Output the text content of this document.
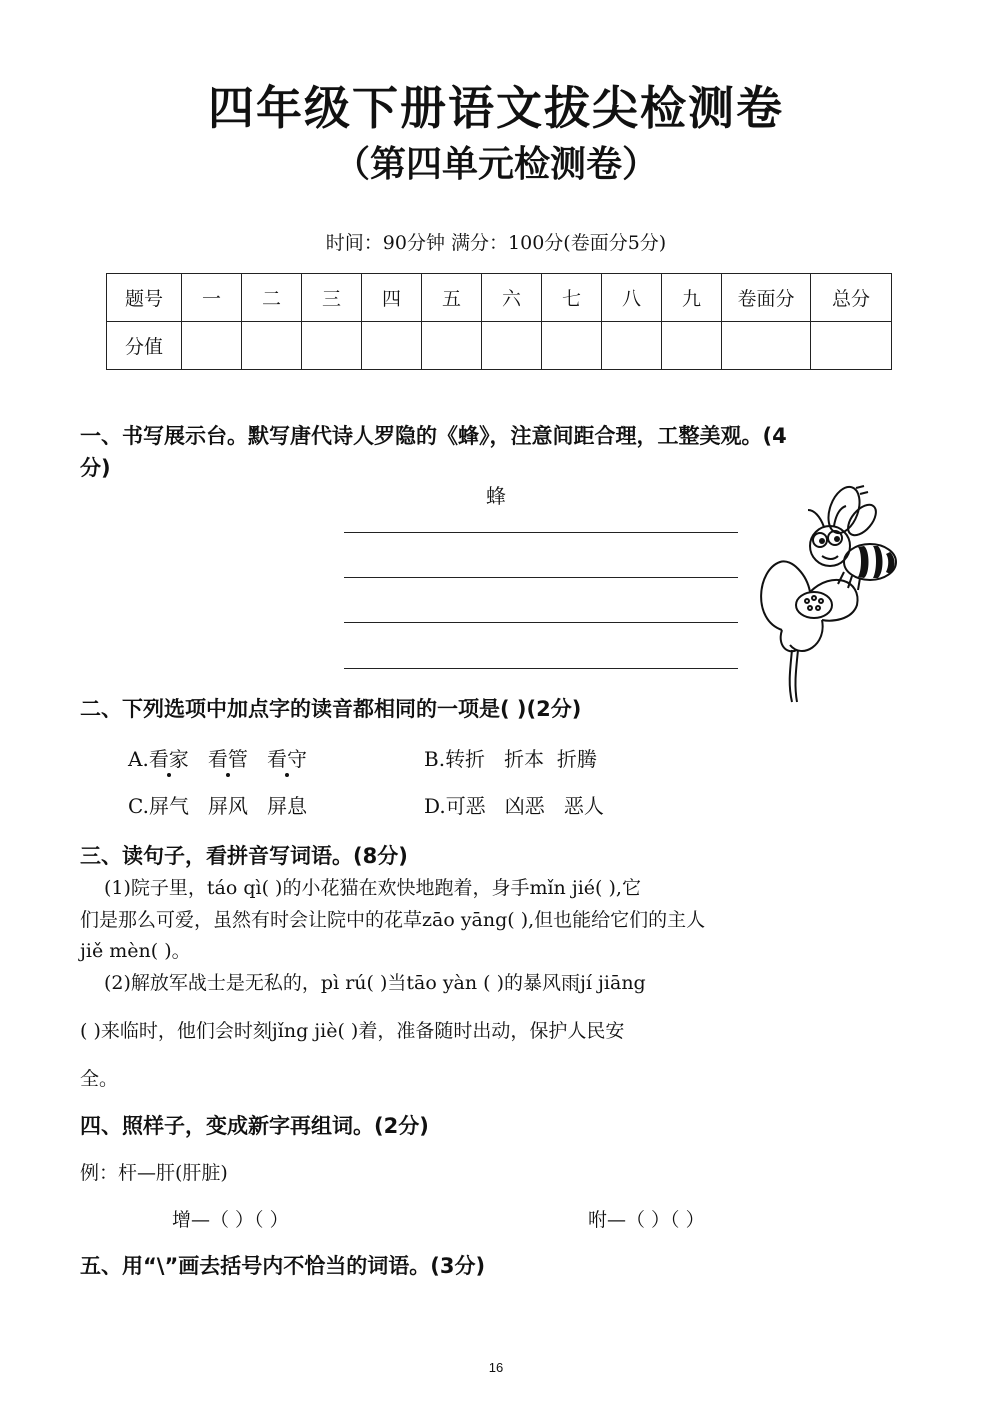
四年级下册语文拔尖检测卷
（第四单元检测卷）
时间：90分钟 满分：100分(卷面分5分)
题号	一	二	三	四	五	六	七	八	九	卷面分	总分
分值											
一、书写展示台。默写唐代诗人罗隐的《蜂》，注意间距合理，工整美观。(4
分)
蜂
二、下列选项中加点字的读音都相同的一项是( )(2分)
A.看家 看管 看守	B.转折 折本 折腾
C.屏气 屏风 屏息	D.可恶 凶恶 恶人
三、读句子，看拼音写词语。(8分)
(1)院子里，táo qì( )的小花猫在欢快地跑着，身手mǐn jié( ),它
们是那么可爱，虽然有时会让院中的花草zāo yāng( ),但也能给它们的主人
jiě mèn( )。
(2)解放军战士是无私的，pì rú( )当tāo yàn ( )的暴风雨jí jiāng
( )来临时，他们会时刻jǐng jiè( )着，准备随时出动，保护人民安
全。
四、照样子，变成新字再组词。(2分)
例：杆—肝(肝脏)
增—（ ）（ ）	咐—（ ）（ ）
五、用“\”画去括号内不恰当的词语。(3分)
16
